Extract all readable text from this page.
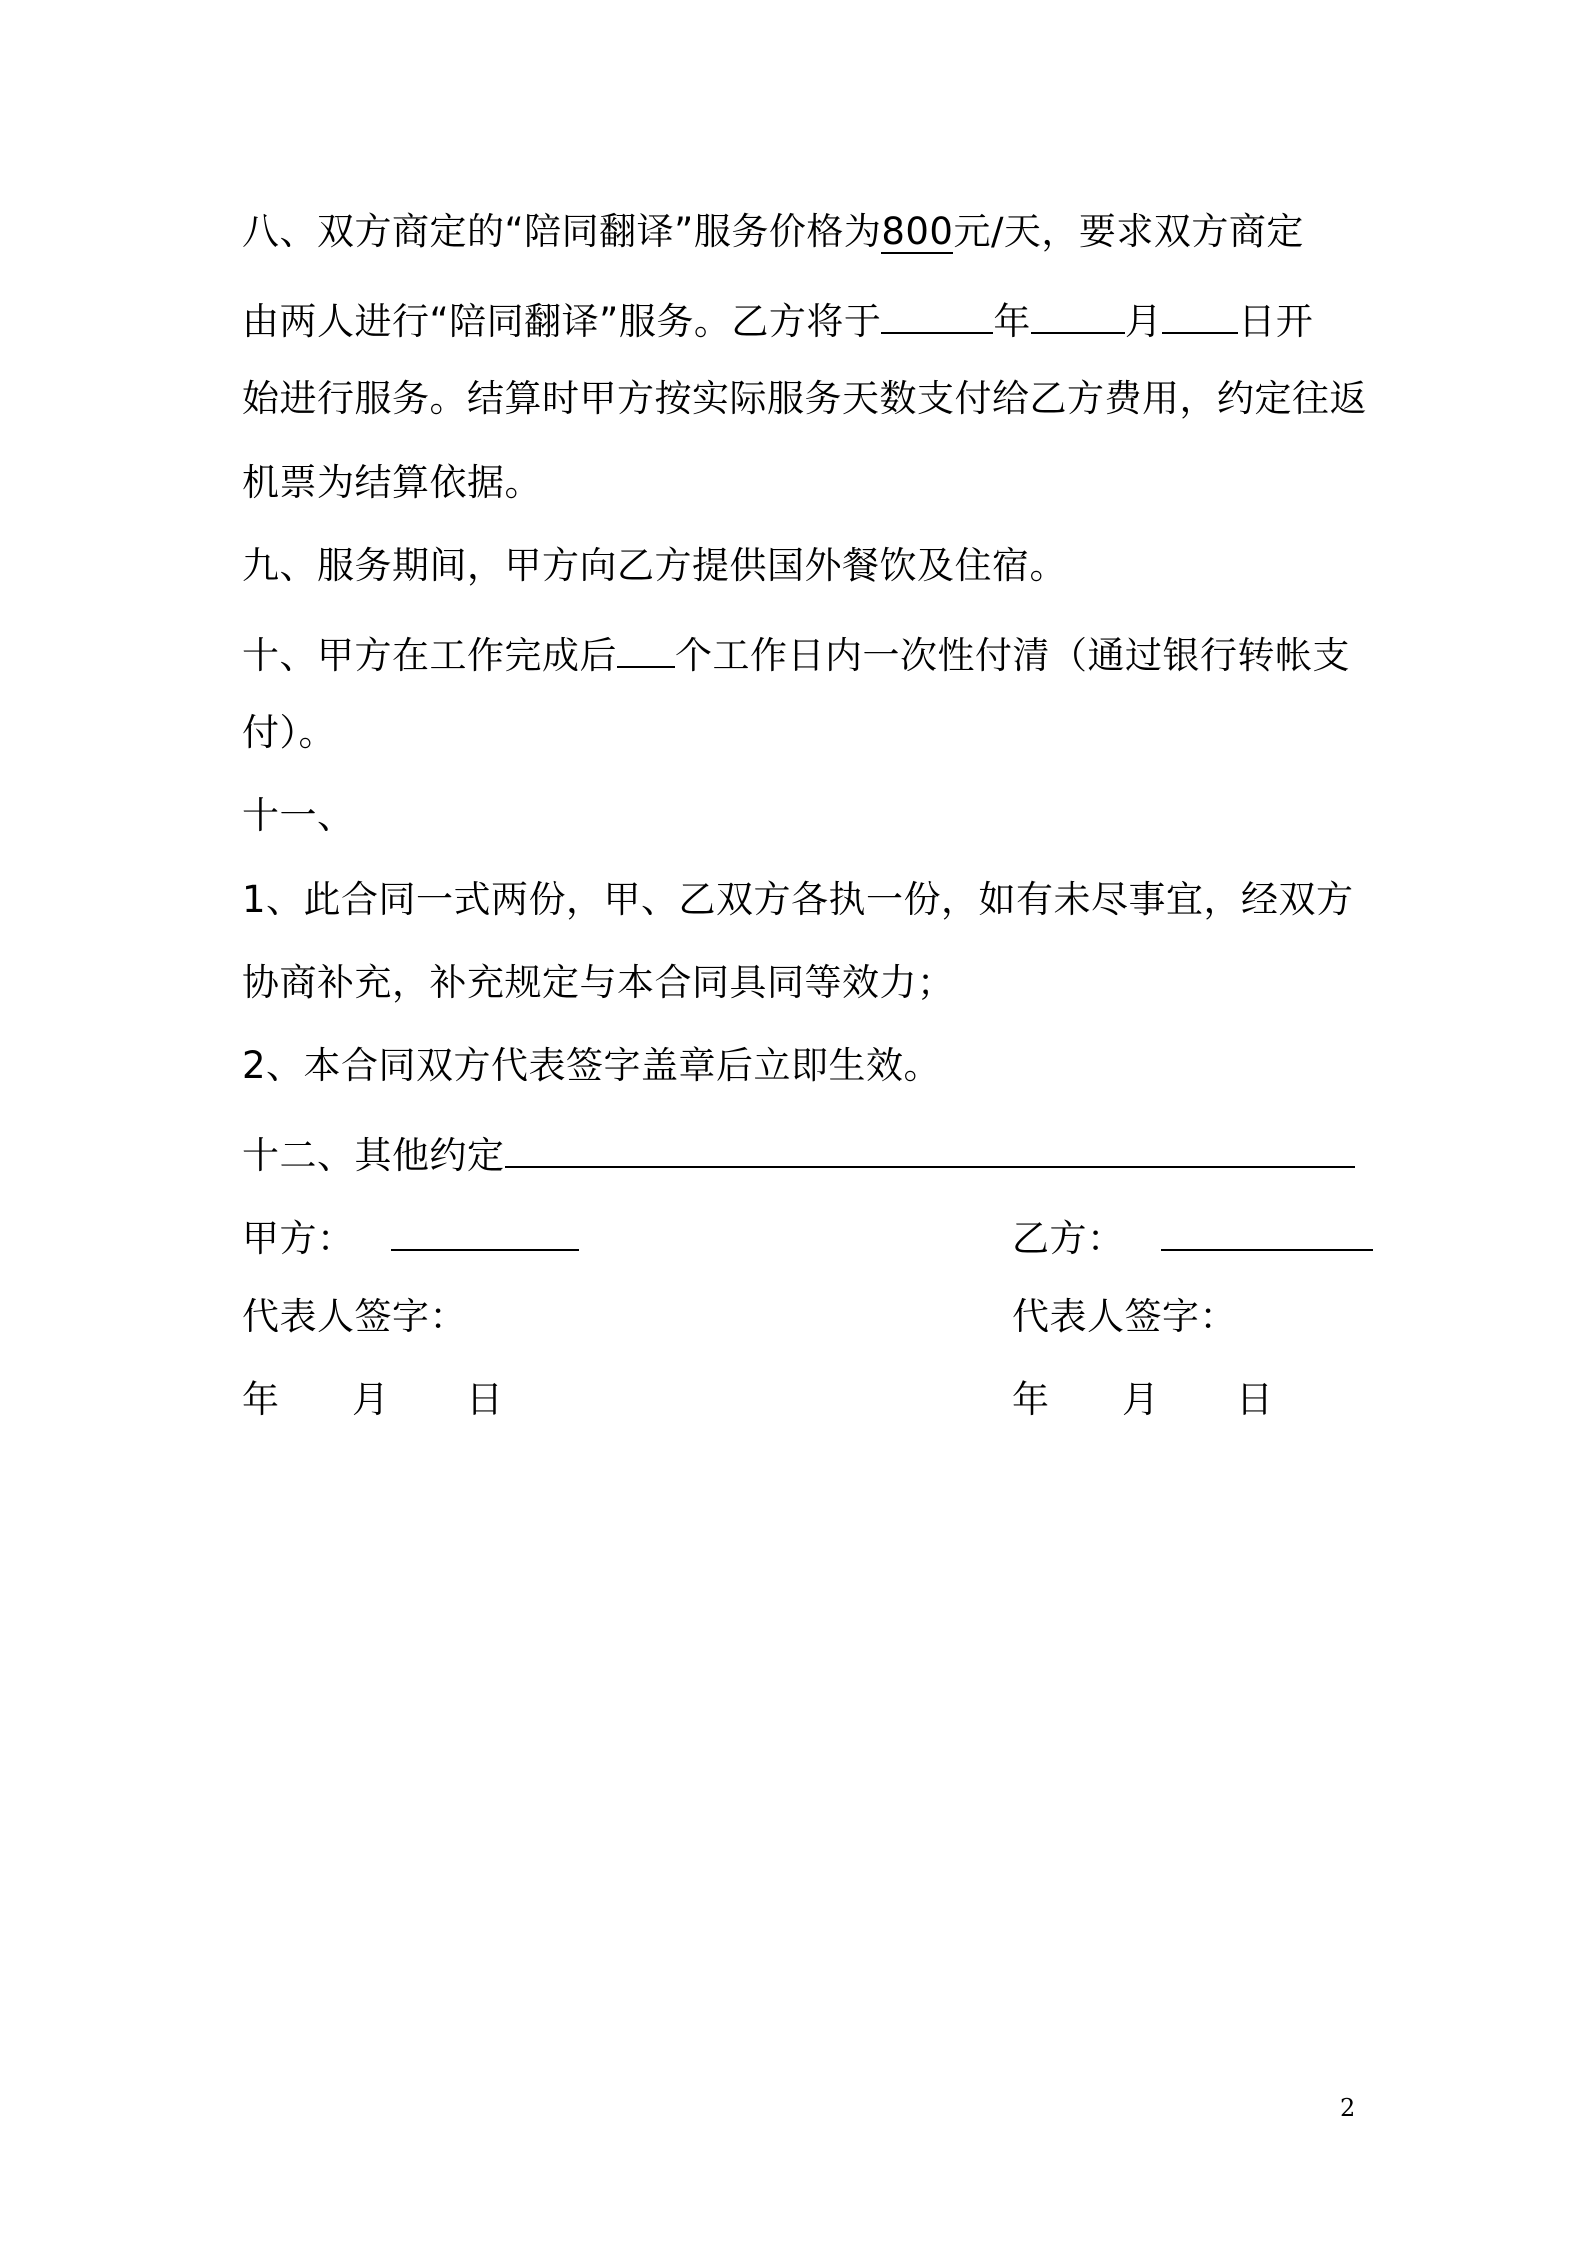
八、双方商定的“陪同翻译”服务价格为800元/天，要求双方商定
由两人进行“陪同翻译”服务。乙方将于	年	月 日开
始进行服务。结算时甲方按实际服务天数支付给乙方费用，约定往返
机票为结算依据。
九、服务期间，甲方向乙方提供国外餐饮及住宿。
十、甲方在工作完成后 个工作日内一次性付清（通过银行转帐支
付）。
十一、
1、此合同一式两份，甲、乙双方各执一份，如有未尽事宜，经双方
协商补充，补充规定与本合同具同等效力；
2、本合同双方代表签字盖章后立即生效。
十二、其他约定
甲方：	乙方：
代表人签字：	代表人签字：
年 月 日	年 月 日
2
